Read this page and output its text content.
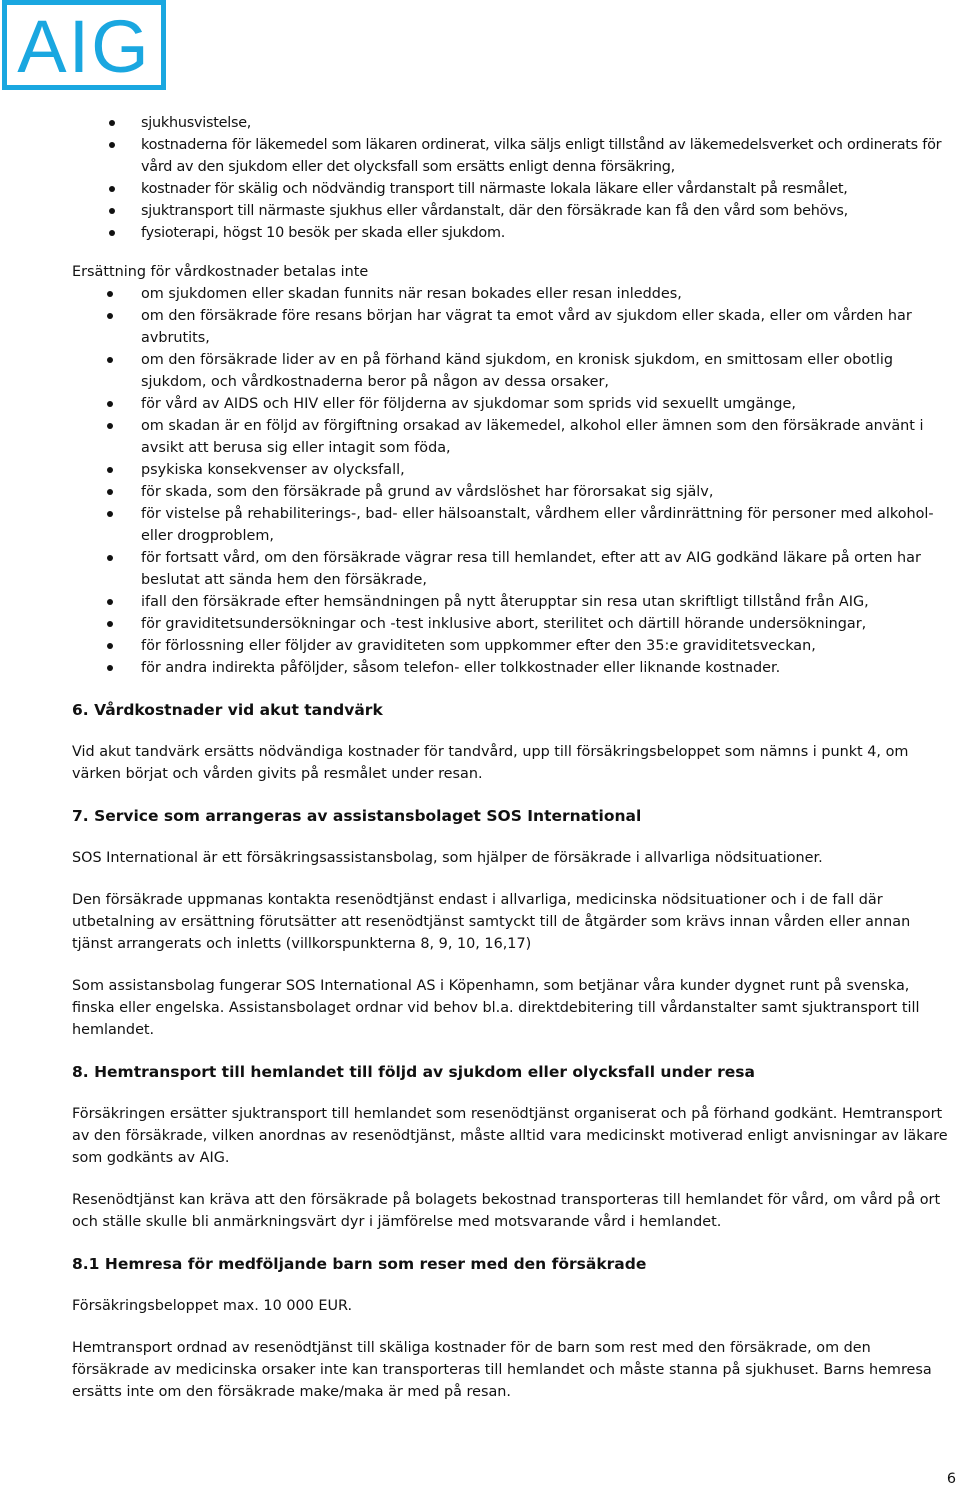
AIG
sjukhusvistelse,
kostnaderna för läkemedel som läkaren ordinerat, vilka säljs enligt tillstånd av läkemedelsverket och ordinerats för vård av den sjukdom eller det olycksfall som ersätts enligt denna försäkring,
kostnader för skälig och nödvändig transport till närmaste lokala läkare eller vårdanstalt på resmålet,
sjuktransport till närmaste sjukhus eller vårdanstalt, där den försäkrade kan få den vård som behövs,
fysioterapi, högst 10 besök per skada eller sjukdom.

Ersättning för vårdkostnader betalas inte

om sjukdomen eller skadan funnits när resan bokades eller resan inleddes,
om den försäkrade före resans början har vägrat ta emot vård av sjukdom eller skada, eller om vården har avbrutits,
om den försäkrade lider av en på förhand känd sjukdom, en kronisk sjukdom, en smittosam eller obotlig sjukdom, och vårdkostnaderna beror på någon av dessa orsaker,
för vård av AIDS och HIV eller för följderna av sjukdomar som sprids vid sexuellt umgänge,
om skadan är en följd av förgiftning orsakad av läkemedel, alkohol eller ämnen som den försäkrade använt i avsikt att berusa sig eller intagit som föda,
psykiska konsekvenser av olycksfall,
för skada, som den försäkrade på grund av vårdslöshet har förorsakat sig själv,
för vistelse på rehabiliterings-, bad- eller hälsoanstalt, vårdhem eller vårdinrättning för personer med alkohol- eller drogproblem,
för fortsatt vård, om den försäkrade vägrar resa till hemlandet, efter att av AIG godkänd läkare på orten har beslutat att sända hem den försäkrade,
ifall den försäkrade efter hemsändningen på nytt återupptar sin resa utan skriftligt tillstånd från AIG,
för graviditetsundersökningar och -test inklusive abort, sterilitet och därtill hörande undersökningar,
för förlossning eller följder av graviditeten som uppkommer efter den 35:e graviditetsveckan,
för andra indirekta påföljder, såsom telefon- eller tolkkostnader eller liknande kostnader.
6. Vårdkostnader vid akut tandvärk

Vid akut tandvärk ersätts nödvändiga kostnader för tandvård, upp till försäkringsbeloppet som nämns i punkt 4, om värken börjat och vården givits på resmålet under resan.

7. Service som arrangeras av assistansbolaget SOS International

SOS International är ett försäkringsassistansbolag, som hjälper de försäkrade i allvarliga nödsituationer.

Den försäkrade uppmanas kontakta resenödtjänst endast i allvarliga, medicinska nödsituationer och i de fall där utbetalning av ersättning förutsätter att resenödtjänst samtyckt till de åtgärder som krävs innan vården eller annan tjänst arrangerats och inletts (villkorspunkterna 8, 9, 10, 16,17)

Som assistansbolag fungerar SOS International AS i Köpenhamn, som betjänar våra kunder dygnet runt på svenska, finska eller engelska. Assistansbolaget ordnar vid behov bl.a. direktdebitering till vårdanstalter samt sjuktransport till hemlandet.

8. Hemtransport till hemlandet till följd av sjukdom eller olycksfall under resa

Försäkringen ersätter sjuktransport till hemlandet som resenödtjänst organiserat och på förhand godkänt. Hemtransport av den försäkrade, vilken anordnas av resenödtjänst, måste alltid vara medicinskt motiverad enligt anvisningar av läkare som godkänts av AIG.

Resenödtjänst kan kräva att den försäkrade på bolagets bekostnad transporteras till hemlandet för vård, om vård på ort och ställe skulle bli anmärkningsvärt dyr i jämförelse med motsvarande vård i hemlandet.

8.1 Hemresa för medföljande barn som reser med den försäkrade

Försäkringsbeloppet max. 10 000 EUR.

Hemtransport ordnad av resenödtjänst till skäliga kostnader för de barn som rest med den försäkrade, om den försäkrade av medicinska orsaker inte kan transporteras till hemlandet och måste stanna på sjukhuset. Barns hemresa ersätts inte om den försäkrade make/maka är med på resan.

6
